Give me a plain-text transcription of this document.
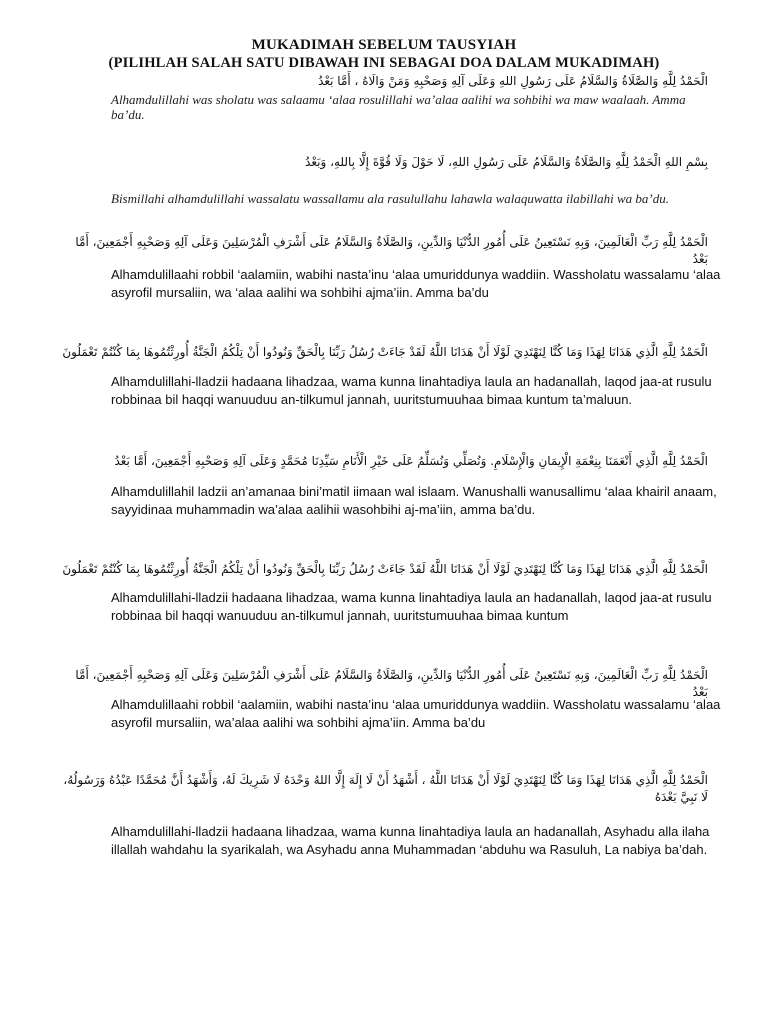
MUKADIMAH SEBELUM TAUSYIAH
(PILIHLAH SALAH SATU DIBAWAH INI SEBAGAI DOA DALAM MUKADIMAH)
الْحَمْدُ لِلَّهِ وَالصَّلَاةُ وَالسَّلَامُ عَلَى رَسُولِ اللهِ وَعَلَى آلِهِ وَصَحْبِهِ وَمَنْ وَالَاهُ ، أَمَّا بَعْدُ
Alhamdulillahi was sholatu was salaamu ‘alaa rosulillahi wa’alaa aalihi wa sohbihi wa maw waalaah. Amma ba’du.
بِسْمِ اللهِ الْحَمْدُ لِلَّهِ وَالصَّلَاةُ وَالسَّلَامُ عَلَى رَسُولِ اللهِ، لَا حَوْلَ وَلَا قُوَّةَ إِلَّا بِاللهِ، وَبَعْدُ
Bismillahi alhamdulillahi wassalatu wassallamu ala rasulullahu lahawla walaquwatta ilabillahi wa ba’du.
الْحَمْدُ لِلَّهِ رَبِّ الْعَالَمِينَ، وَبِهِ نَسْتَعِينُ عَلَى أُمُورِ الدُّنْيَا وَالدِّينِ، وَالصَّلَاةُ وَالسَّلَامُ عَلَى أَشْرَفِ الْمُرْسَلِينَ وَعَلَى آلِهِ وَصَحْبِهِ أَجْمَعِينَ، أَمَّا بَعْدُ
Alhamdulillaahi robbil ‘aalamiin, wabihi nasta’inu ‘alaa umuriddunya waddiin. Wassholatu wassalamu ‘alaa asyrofil mursaliin, wa ‘alaa aalihi wa sohbihi ajma’iin. Amma ba’du
الْحَمْدُ لِلَّهِ الَّذِي هَدَانَا لِهَذَا وَمَا كُنَّا لِنَهْتَدِيَ لَوْلَا أَنْ هَدَانَا اللَّهُ لَقَدْ جَاءَتْ رُسُلُ رَبِّنَا بِالْحَقِّ وَنُودُوا أَنْ تِلْكُمُ الْجَنَّةُ أُورِثْتُمُوهَا بِمَا كُنْتُمْ تَعْمَلُونَ
Alhamdulillahi-lladzii hadaana lihadzaa, wama kunna linahtadiya laula an hadanallah, laqod jaa-at rusulu robbinaa bil haqqi wanuuduu an-tilkumul jannah, uuritstumuuhaa bimaa kuntum ta’maluun.
الْحَمْدُ لِلَّهِ الَّذِي أَنْعَمَنَا بِنِعْمَةِ الْإِيمَانِ وَالْإِسْلَامِ. وَنُصَلِّي وَنُسَلِّمُ عَلَى خَيْرِ الْأَنَامِ سَيِّدِنَا مُحَمَّدٍ وَعَلَى آلِهِ وَصَحْبِهِ أَجْمَعِينَ، أَمَّا بَعْدُ
Alhamdulillahil ladzii an’amanaa bini’matil iimaan wal islaam. Wanushalli wanusallimu ‘alaa khairil anaam, sayyidinaa muhammadin wa’alaa aalihii wasohbihi aj-ma’iin, amma ba’du.
الْحَمْدُ لِلَّهِ الَّذِي هَدَانَا لِهَذَا وَمَا كُنَّا لِنَهْتَدِيَ لَوْلَا أَنْ هَدَانَا اللَّهُ لَقَدْ جَاءَتْ رُسُلُ رَبِّنَا بِالْحَقِّ وَنُودُوا أَنْ تِلْكُمُ الْجَنَّةُ أُورِثْتُمُوهَا بِمَا كُنْتُمْ تَعْمَلُونَ
Alhamdulillahi-lladzii hadaana lihadzaa, wama kunna linahtadiya laula an hadanallah, laqod jaa-at rusulu robbinaa bil haqqi wanuuduu an-tilkumul jannah, uuritstumuuhaa bimaa kuntum
الْحَمْدُ لِلَّهِ رَبِّ الْعَالَمِينَ، وَبِهِ نَسْتَعِينُ عَلَى أُمُورِ الدُّنْيَا وَالدِّينِ، وَالصَّلَاةُ وَالسَّلَامُ عَلَى أَشْرَفِ الْمُرْسَلِينَ وَعَلَى آلِهِ وَصَحْبِهِ أَجْمَعِينَ، أَمَّا بَعْدُ
Alhamdulillaahi robbil ‘aalamiin, wabihi nasta’inu ‘alaa umuriddunya waddiin. Wassholatu wassalamu ‘alaa asyrofil mursaliin, wa’alaa aalihi wa sohbihi ajma’iin. Amma ba’du
الْحَمْدُ لِلَّهِ الَّذِي هَدَانَا لِهَذَا وَمَا كُنَّا لِنَهْتَدِيَ لَوْلَا أَنْ هَدَانَا اللَّهُ ، أَشْهَدُ أَنْ لَا إِلَهَ إِلَّا اللهُ وَحْدَهُ لَا شَرِيكَ لَهُ، وَأَشْهَدُ أَنَّ مُحَمَّدًا عَبْدُهُ وَرَسُولُهُ، لَا نَبِيَّ بَعْدَهُ
Alhamdulillahi-lladzii hadaana lihadzaa, wama kunna linahtadiya laula an hadanallah, Asyhadu alla ilaha illallah wahdahu la syarikalah, wa Asyhadu anna Muhammadan ‘abduhu wa Rasuluh, La nabiya ba’dah.
